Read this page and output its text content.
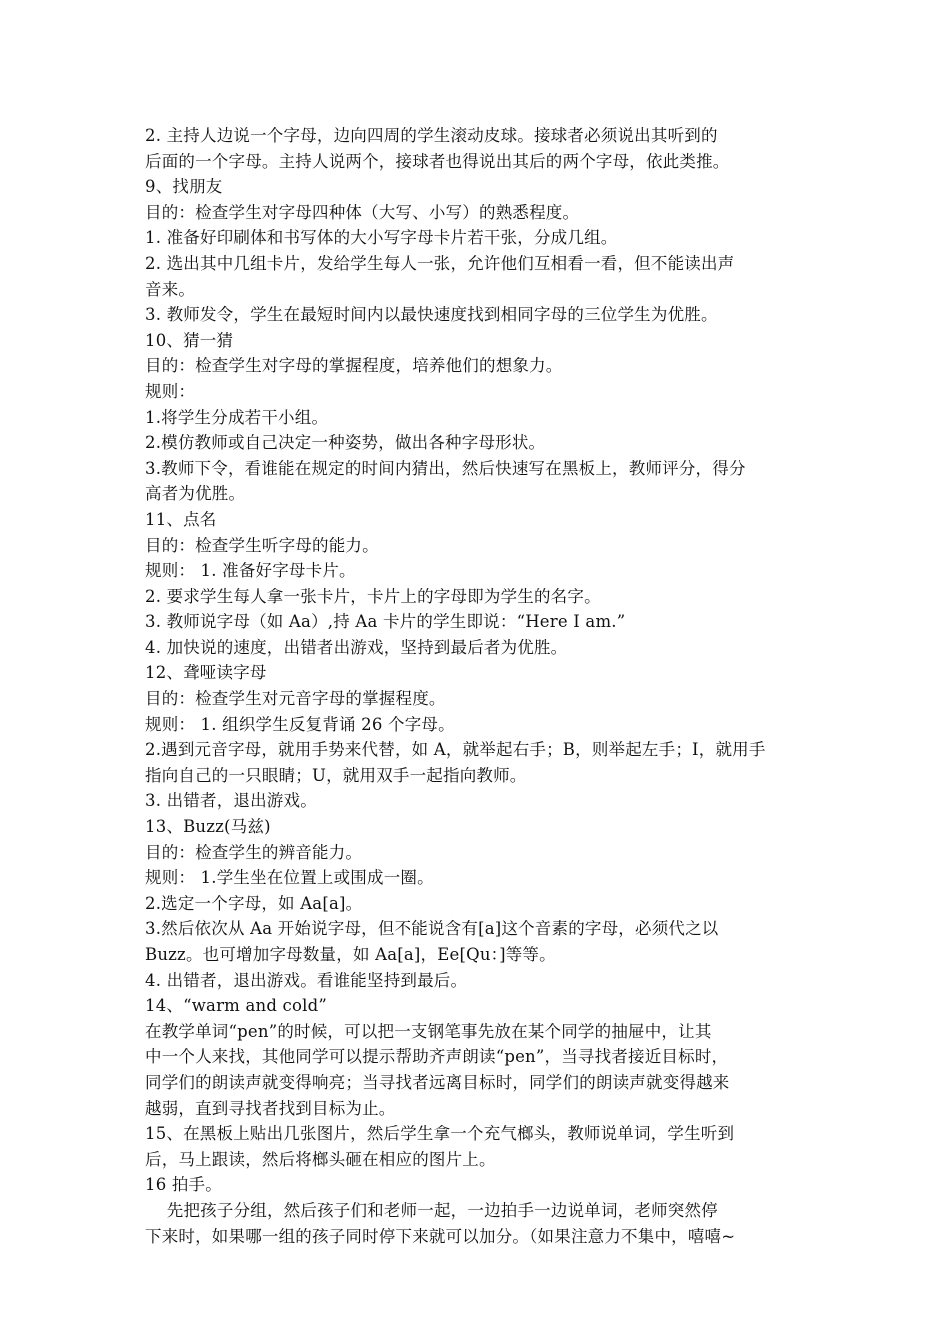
2. 主持人边说一个字母，边向四周的学生滚动皮球。接球者必须说出其听到的
后面的一个字母。主持人说两个，接球者也得说出其后的两个字母，依此类推。
9、找朋友
目的：检查学生对字母四种体（大写、小写）的熟悉程度。
1. 准备好印刷体和书写体的大小写字母卡片若干张，分成几组。
2. 选出其中几组卡片，发给学生每人一张，允许他们互相看一看，但不能读出声
音来。
3. 教师发令，学生在最短时间内以最快速度找到相同字母的三位学生为优胜。
10、猜一猜
目的：检查学生对字母的掌握程度，培养他们的想象力。
规则：
1.将学生分成若干小组。
2.模仿教师或自己决定一种姿势，做出各种字母形状。
3.教师下令，看谁能在规定的时间内猜出，然后快速写在黑板上，教师评分，得分
高者为优胜。
11、点名
目的：检查学生听字母的能力。
规则： 1. 准备好字母卡片。
2. 要求学生每人拿一张卡片，卡片上的字母即为学生的名字。
3. 教师说字母（如 Aa）,持 Aa 卡片的学生即说：“Here I am.”
4. 加快说的速度，出错者出游戏，坚持到最后者为优胜。
12、聋哑读字母
目的：检查学生对元音字母的掌握程度。
规则： 1. 组织学生反复背诵 26 个字母。
2.遇到元音字母，就用手势来代替，如 A，就举起右手；B，则举起左手；I，就用手
指向自己的一只眼睛；U，就用双手一起指向教师。
3. 出错者，退出游戏。
13、Buzz(马兹)
目的：检查学生的辨音能力。
规则： 1.学生坐在位置上或围成一圈。
2.选定一个字母，如 Aa[a]。
3.然后依次从 Aa 开始说字母，但不能说含有[a]这个音素的字母，必须代之以
Buzz。也可增加字母数量，如 Aa[a]，Ee[Qu：]等等。
4. 出错者，退出游戏。看谁能坚持到最后。
14、“warm and cold”
在教学单词“pen”的时候，可以把一支钢笔事先放在某个同学的抽屉中，让其
中一个人来找，其他同学可以提示帮助齐声朗读“pen”，当寻找者接近目标时，
同学们的朗读声就变得响亮；当寻找者远离目标时，同学们的朗读声就变得越来
越弱，直到寻找者找到目标为止。
15、在黑板上贴出几张图片，然后学生拿一个充气榔头，教师说单词，学生听到
后，马上跟读，然后将榔头砸在相应的图片上。
16 拍手。
先把孩子分组，然后孩子们和老师一起，一边拍手一边说单词，老师突然停
下来时，如果哪一组的孩子同时停下来就可以加分。（如果注意力不集中，嘻嘻~
